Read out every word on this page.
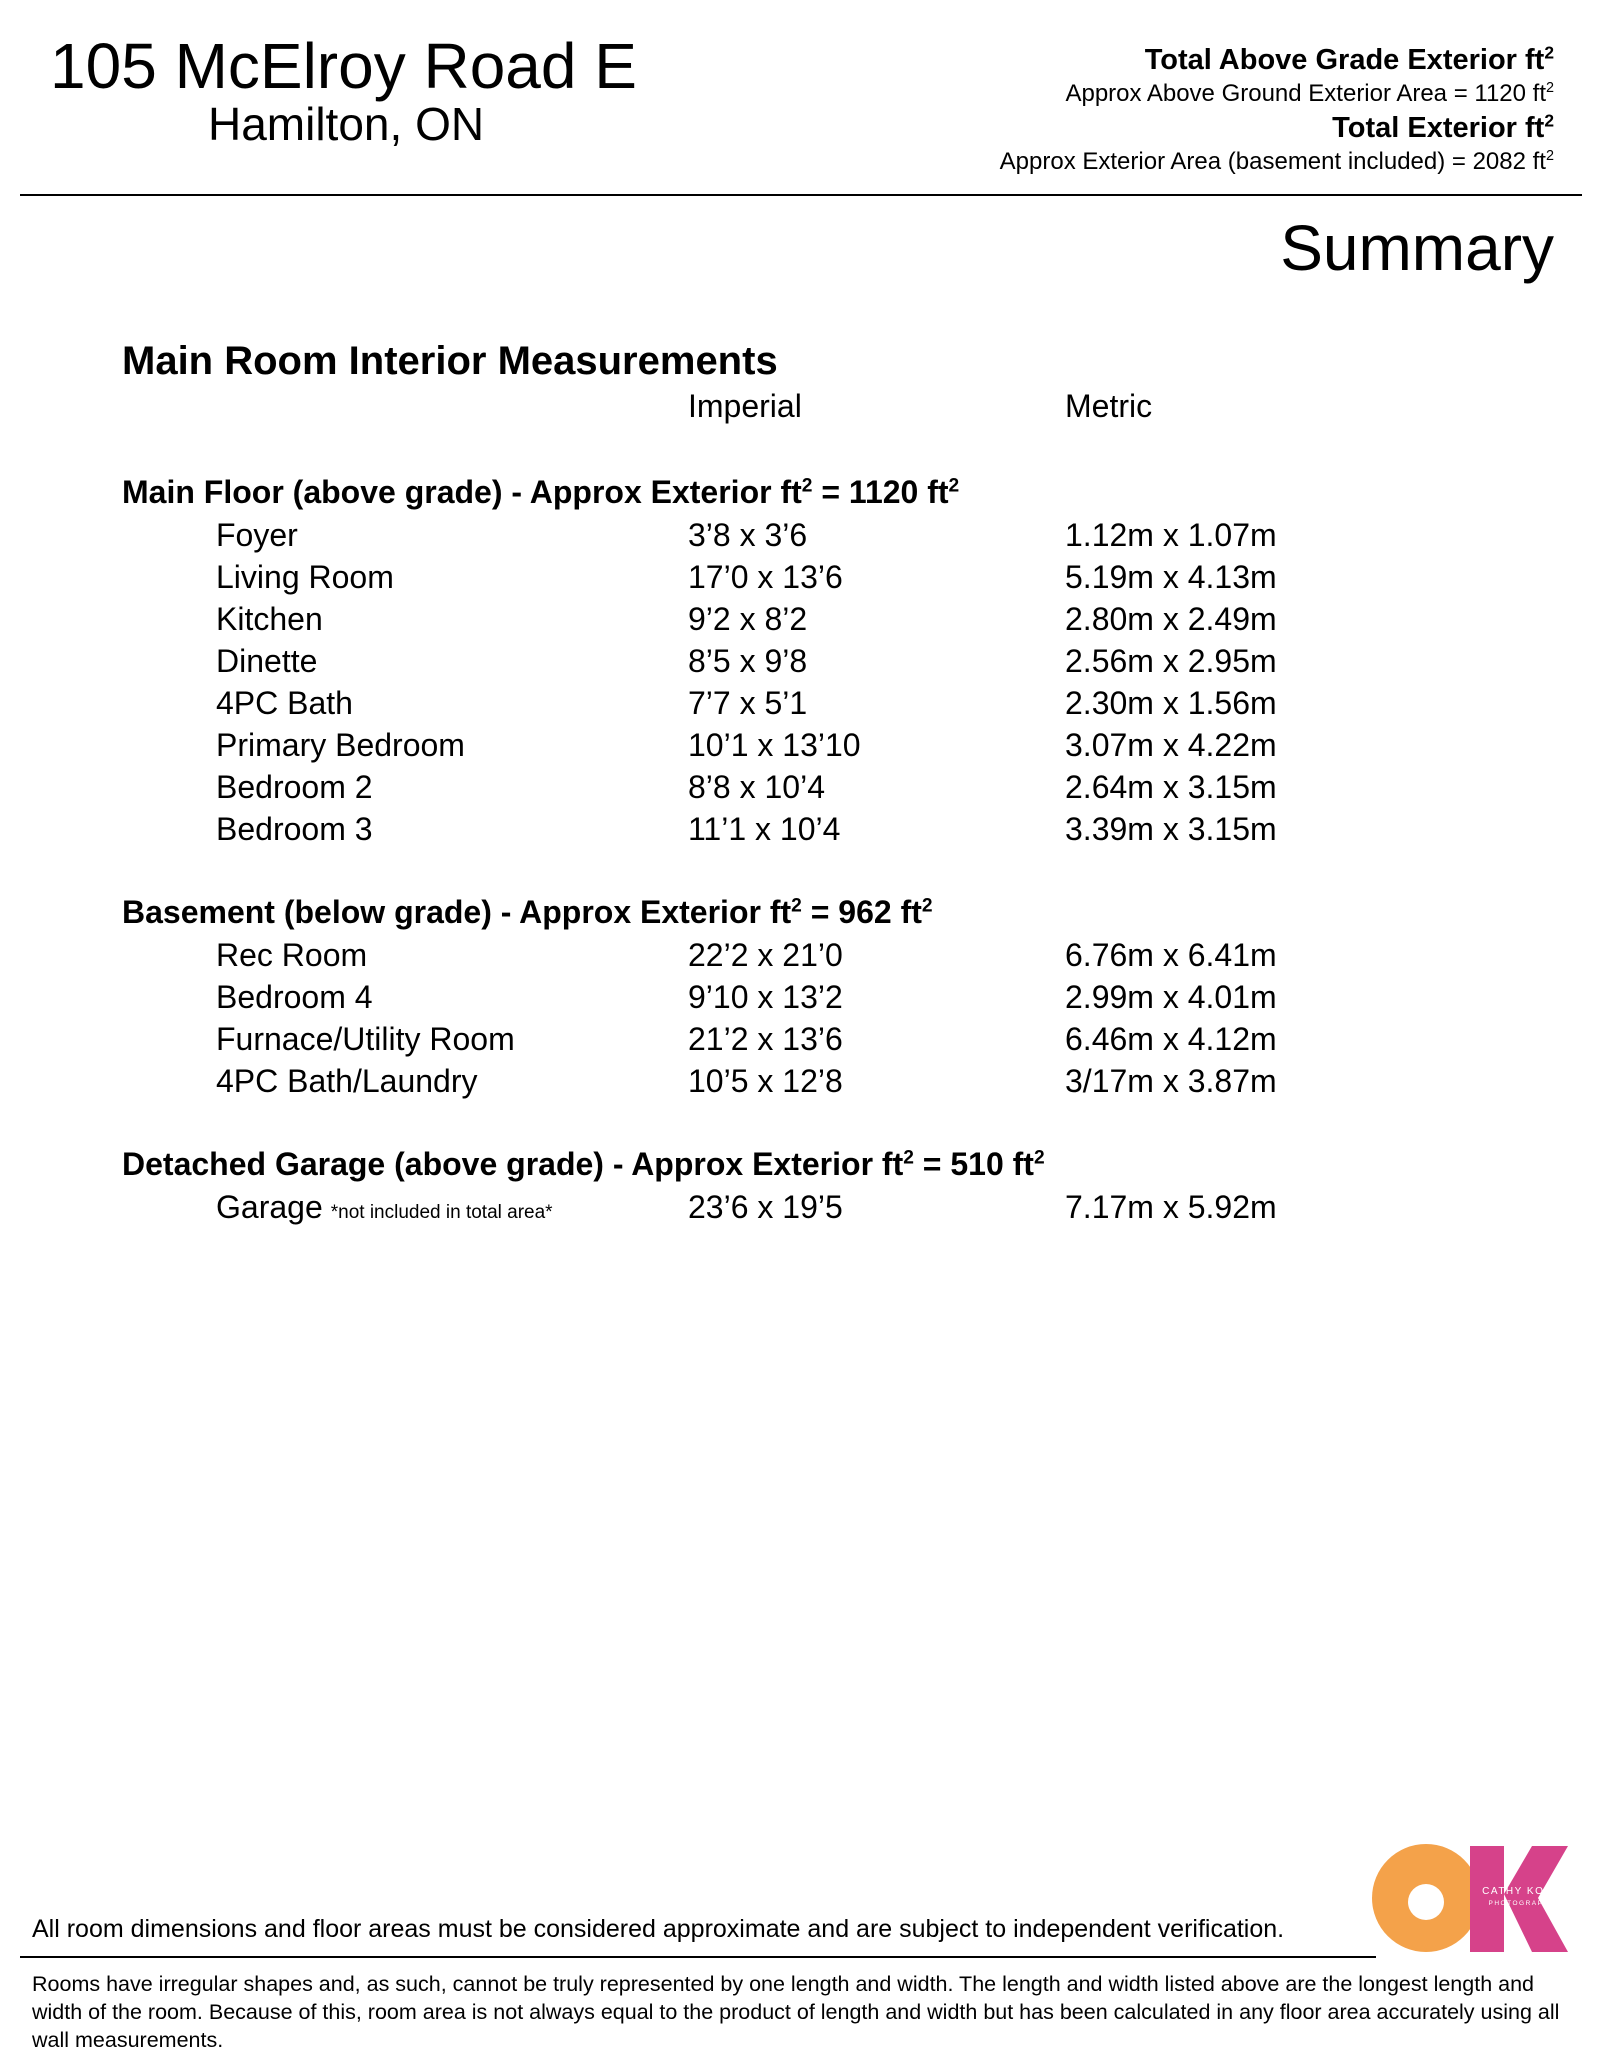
105 McElroy Road E
Hamilton, ON
Total Above Grade Exterior $ft^2$
Approx Above Ground Exterior Area = 1120 $ft^2$
Total Exterior $ft^2$
Approx Exterior Area (basement included) = 2082 $ft^2$
Summary
Main Room Interior Measurements
Imperial	Metric
Main Floor (above grade) - Approx Exterior $ft^2 = 1120$ $ft^2$
Foyer	3’8 x 3’6	1.12m x 1.07m
Living Room	17’0 x 13’6	5.19m x 4.13m
Kitchen	9’2 x 8’2	2.80m x 2.49m
Dinette	8’5 x 9’8	2.56m x 2.95m
4PC Bath	7’7 x 5’1	2.30m x 1.56m
Primary Bedroom	10’1 x 13’10	3.07m x 4.22m
Bedroom 2	8’8 x 10’4	2.64m x 3.15m
Bedroom 3	11’1 x 10’4	3.39m x 3.15m
Basement (below grade) - Approx Exterior $ft^2 = 962$ $ft^2$
Rec Room	22’2 x 21’0	6.76m x 6.41m
Bedroom 4	9’10 x 13’2	2.99m x 4.01m
Furnace/Utility Room	21’2 x 13’6	6.46m x 4.12m
4PC Bath/Laundry	10’5 x 12’8	3/17m x 3.87m
Detached Garage (above grade) - Approx Exterior $ft^2 = 510$ $ft^2$
Garage *not included in total area*	23’6 x 19’5	7.17m x 5.92m
All room dimensions and floor areas must be considered approximate and are subject to independent verification.
Rooms have irregular shapes and, as such, cannot be truly represented by one length and width. The length and width listed above are the longest length and width of the room. Because of this, room area is not always equal to the product of length and width but has been calculated in any floor area accurately using all wall measurements.
CATHY KOOP
PHOTOGRAPHY
